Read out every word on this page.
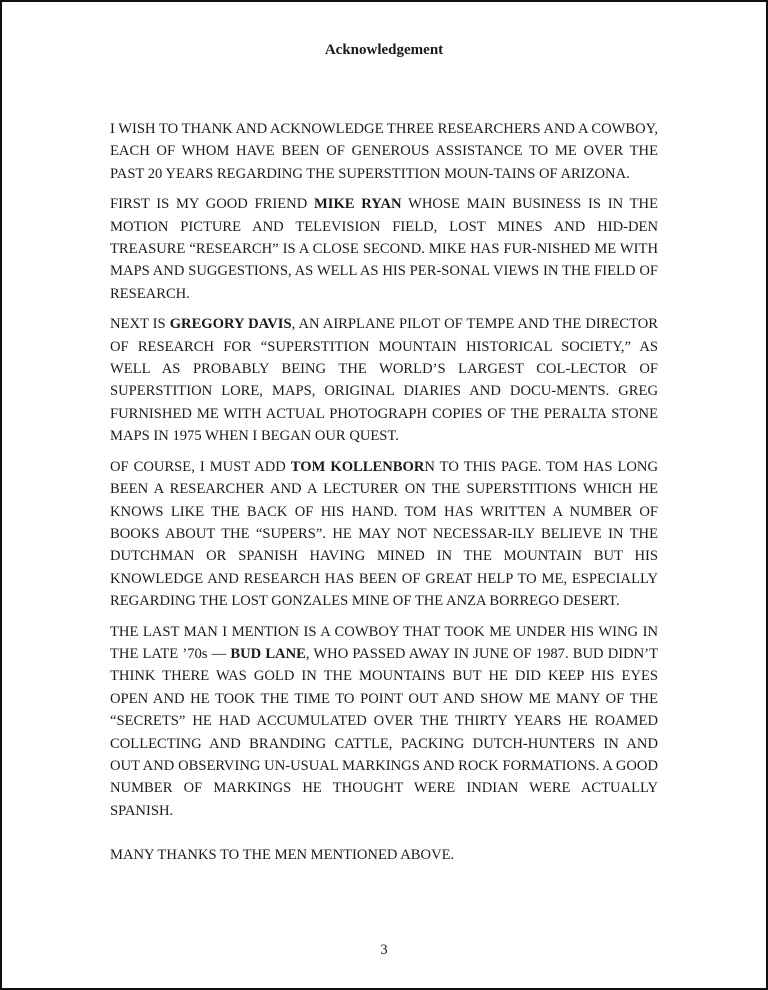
Acknowledgement

I WISH TO THANK AND ACKNOWLEDGE THREE RESEARCHERS AND A COWBOY, EACH OF WHOM HAVE BEEN OF GENEROUS ASSISTANCE TO ME OVER THE PAST 20 YEARS REGARDING THE SUPERSTITION MOUN-TAINS OF ARIZONA.

FIRST IS MY GOOD FRIEND MIKE RYAN WHOSE MAIN BUSINESS IS IN THE MOTION PICTURE AND TELEVISION FIELD, LOST MINES AND HID-DEN TREASURE “RESEARCH” IS A CLOSE SECOND. MIKE HAS FUR-NISHED ME WITH MAPS AND SUGGESTIONS, AS WELL AS HIS PER-SONAL VIEWS IN THE FIELD OF RESEARCH.

NEXT IS GREGORY DAVIS, AN AIRPLANE PILOT OF TEMPE AND THE DIRECTOR OF RESEARCH FOR “SUPERSTITION MOUNTAIN HISTORICAL SOCIETY,” AS WELL AS PROBABLY BEING THE WORLD’S LARGEST COL-LECTOR OF SUPERSTITION LORE, MAPS, ORIGINAL DIARIES AND DOCU-MENTS. GREG FURNISHED ME WITH ACTUAL PHOTOGRAPH COPIES OF THE PERALTA STONE MAPS IN 1975 WHEN I BEGAN OUR QUEST.

OF COURSE, I MUST ADD TOM KOLLENBORN TO THIS PAGE. TOM HAS LONG BEEN A RESEARCHER AND A LECTURER ON THE SUPERSTITIONS WHICH HE KNOWS LIKE THE BACK OF HIS HAND. TOM HAS WRITTEN A NUMBER OF BOOKS ABOUT THE “SUPERS”. HE MAY NOT NECESSAR-ILY BELIEVE IN THE DUTCHMAN OR SPANISH HAVING MINED IN THE MOUNTAIN BUT HIS KNOWLEDGE AND RESEARCH HAS BEEN OF GREAT HELP TO ME, ESPECIALLY REGARDING THE LOST GONZALES MINE OF THE ANZA BORREGO DESERT.

THE LAST MAN I MENTION IS A COWBOY THAT TOOK ME UNDER HIS WING IN THE LATE ’70s — BUD LANE, WHO PASSED AWAY IN JUNE OF 1987. BUD DIDN’T THINK THERE WAS GOLD IN THE MOUNTAINS BUT HE DID KEEP HIS EYES OPEN AND HE TOOK THE TIME TO POINT OUT AND SHOW ME MANY OF THE “SECRETS” HE HAD ACCUMULATED OVER THE THIRTY YEARS HE ROAMED COLLECTING AND BRANDING CATTLE, PACKING DUTCH-HUNTERS IN AND OUT AND OBSERVING UN-USUAL MARKINGS AND ROCK FORMATIONS. A GOOD NUMBER OF MARKINGS HE THOUGHT WERE INDIAN WERE ACTUALLY SPANISH.

MANY THANKS TO THE MEN MENTIONED ABOVE.

3
